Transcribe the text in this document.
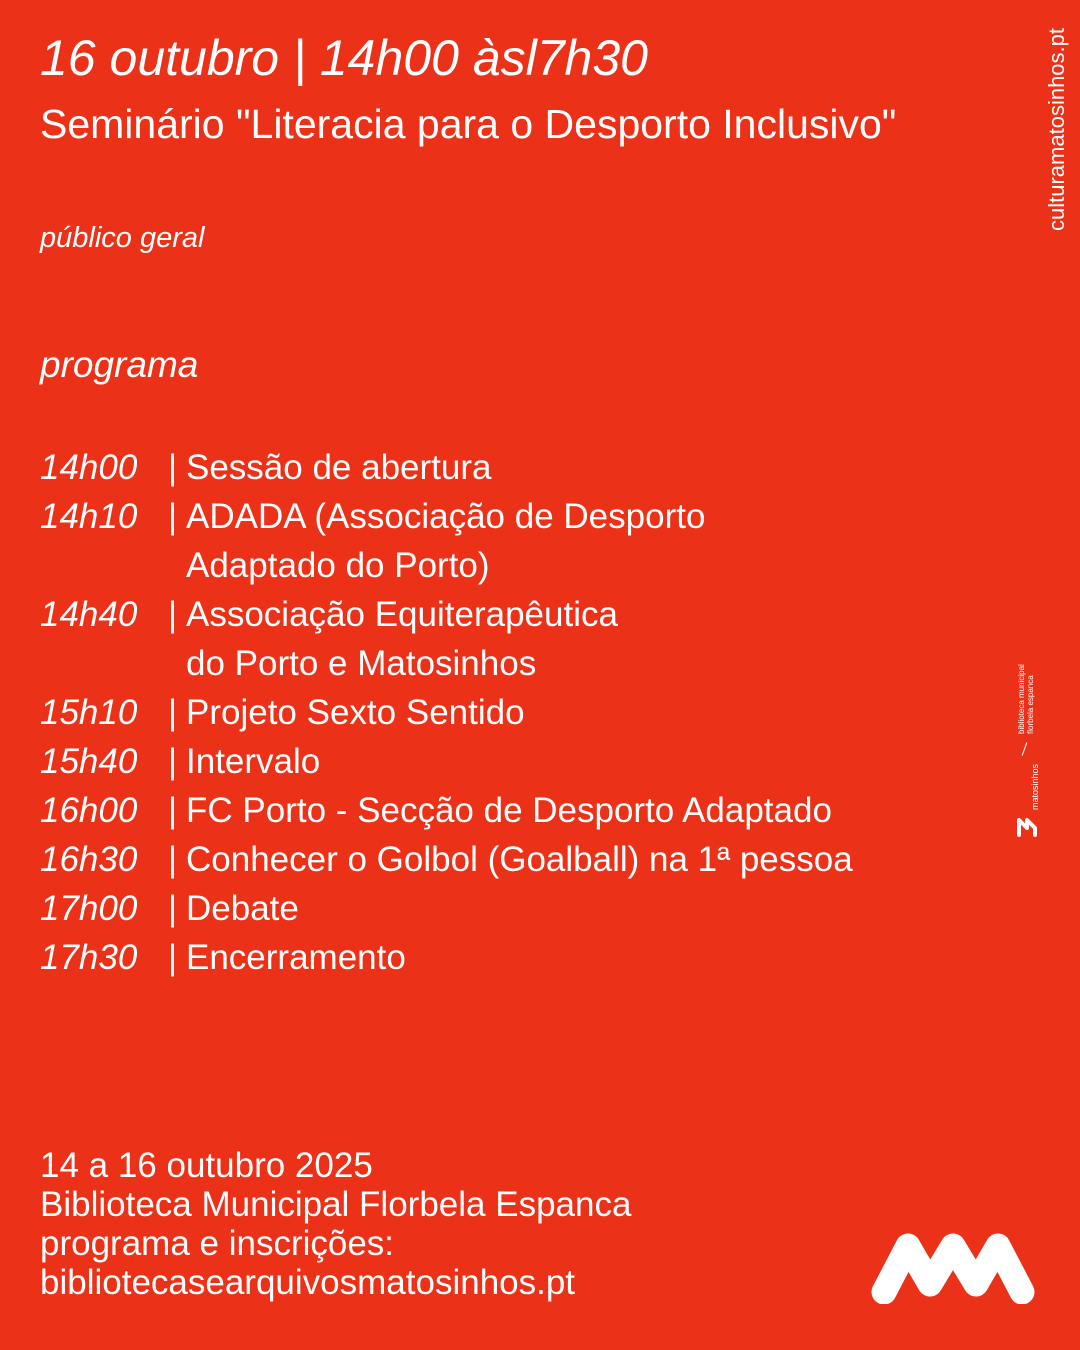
16 outubro | 14h00 àsl7h30
Seminário "Literacia para o Desporto Inclusivo"
público geral
programa
14h00 | Sessão de abertura
14h10 | ADADA (Associação de Desporto
Adaptado do Porto)
14h40 | Associação Equiterapêutica
do Porto e Matosinhos
15h10 | Projeto Sexto Sentido
15h40 | Intervalo
16h00 | FC Porto - Secção de Desporto Adaptado
16h30 | Conhecer o Golbol (Goalball) na 1ª pessoa
17h00 | Debate
17h30 | Encerramento
14 a 16 outubro 2025
Biblioteca Municipal Florbela Espanca
programa e inscrições:
bibliotecasearquivosmatosinhos.pt
culturamatosinhos.pt
biblioteca municipal florbela espanca
matosinhos
